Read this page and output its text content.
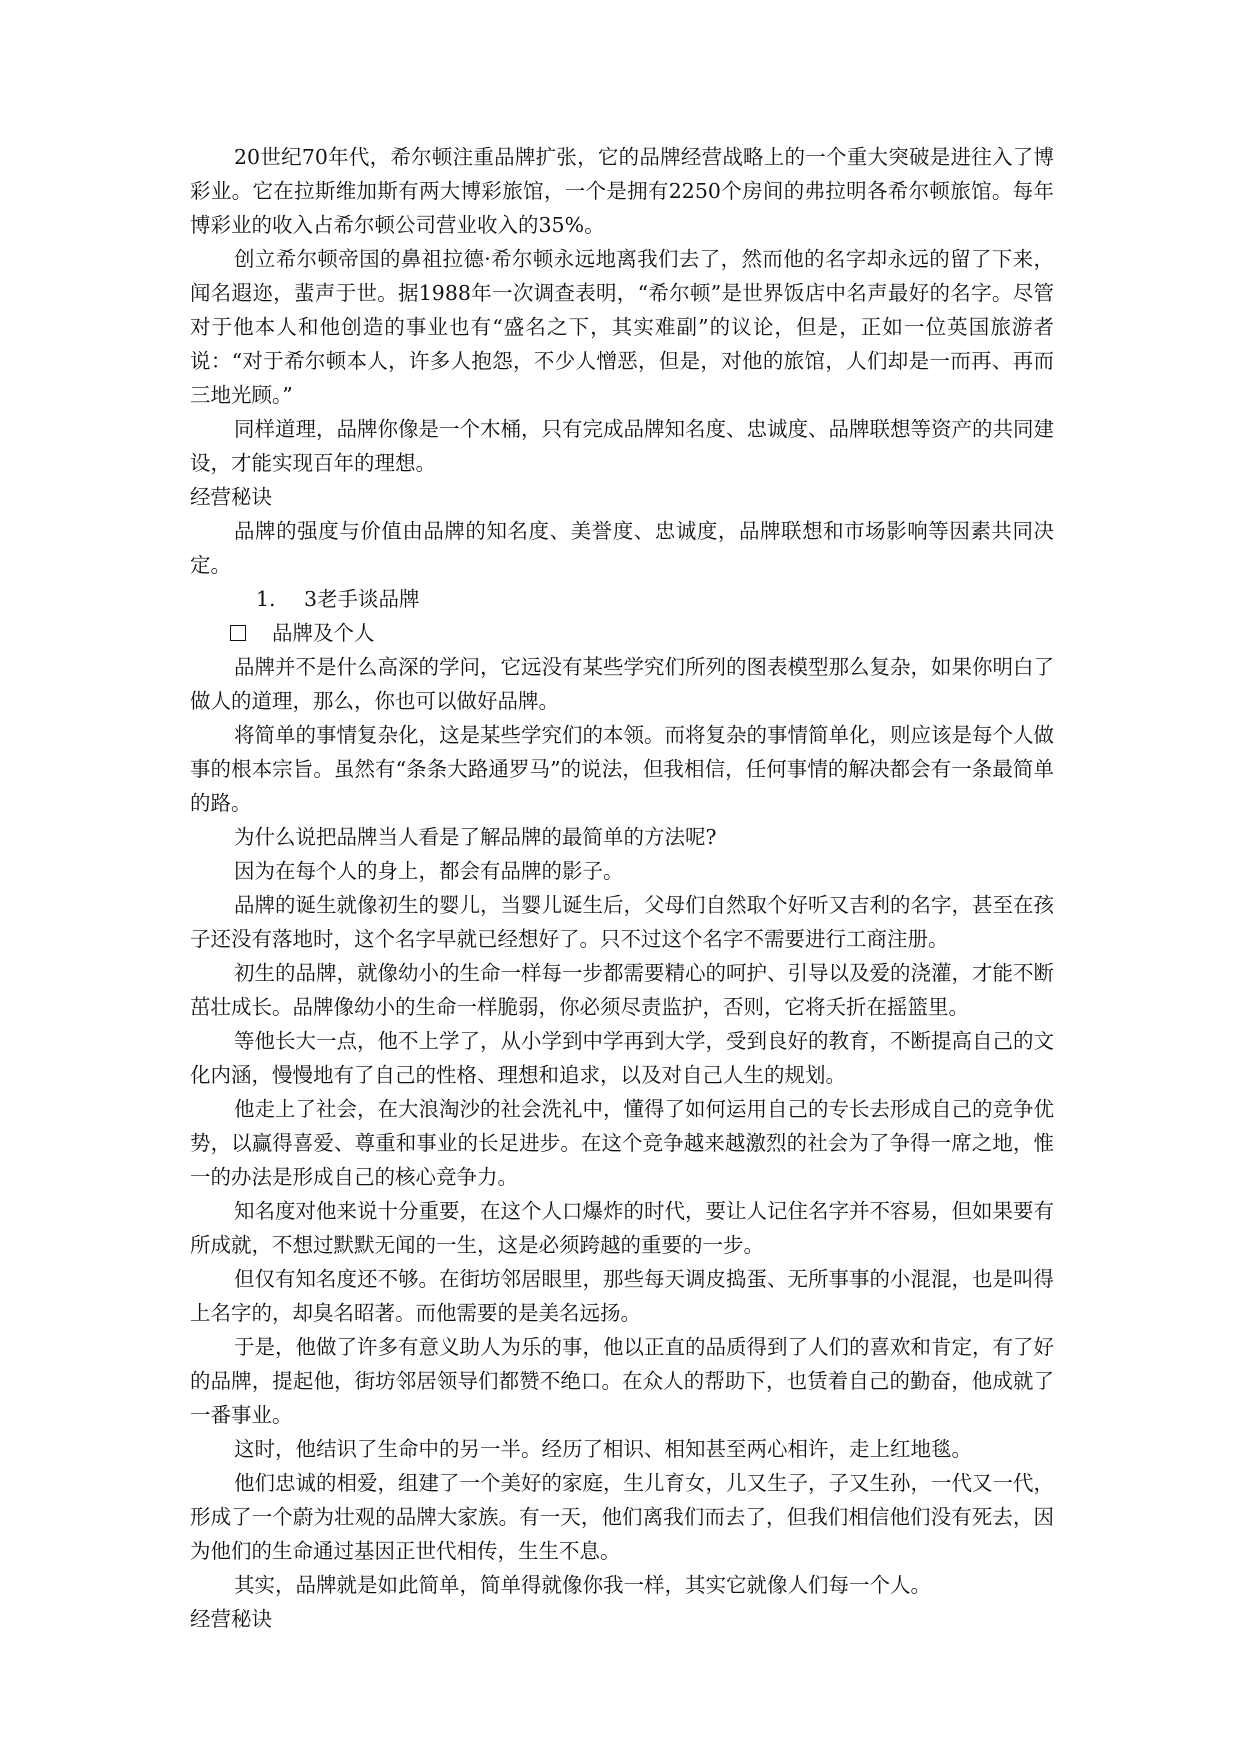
20世纪70年代，希尔顿注重品牌扩张，它的品牌经营战略上的一个重大突破是进往入了博彩业。它在拉斯维加斯有两大博彩旅馆，一个是拥有2250个房间的弗拉明各希尔顿旅馆。每年博彩业的收入占希尔顿公司营业收入的35%。

创立希尔顿帝国的鼻祖拉德·希尔顿永远地离我们去了，然而他的名字却永远的留了下来，闻名遐迩，蜚声于世。据1988年一次调查表明，“希尔顿”是世界饭店中名声最好的名字。尽管对于他本人和他创造的事业也有“盛名之下，其实难副”的议论，但是，正如一位英国旅游者说：“对于希尔顿本人，许多人抱怨，不少人憎恶，但是，对他的旅馆，人们却是一而再、再而三地光顾。”

同样道理，品牌你像是一个木桶，只有完成品牌知名度、忠诚度、品牌联想等资产的共同建设，才能实现百年的理想。

经营秘诀

品牌的强度与价值由品牌的知名度、美誉度、忠诚度，品牌联想和市场影响等因素共同决定。

1. 3老手谈品牌

品牌及个人

品牌并不是什么高深的学问，它远没有某些学究们所列的图表模型那么复杂，如果你明白了做人的道理，那么，你也可以做好品牌。

将简单的事情复杂化，这是某些学究们的本领。而将复杂的事情简单化，则应该是每个人做事的根本宗旨。虽然有“条条大路通罗马”的说法，但我相信，任何事情的解决都会有一条最简单的路。

为什么说把品牌当人看是了解品牌的最简单的方法呢?

因为在每个人的身上，都会有品牌的影子。

品牌的诞生就像初生的婴儿，当婴儿诞生后，父母们自然取个好听又吉利的名字，甚至在孩子还没有落地时，这个名字早就已经想好了。只不过这个名字不需要进行工商注册。

初生的品牌，就像幼小的生命一样每一步都需要精心的呵护、引导以及爱的浇灌，才能不断茁壮成长。品牌像幼小的生命一样脆弱，你必须尽责监护，否则，它将夭折在摇篮里。

等他长大一点，他不上学了，从小学到中学再到大学，受到良好的教育，不断提高自己的文化内涵，慢慢地有了自己的性格、理想和追求，以及对自己人生的规划。

他走上了社会，在大浪淘沙的社会洗礼中，懂得了如何运用自己的专长去形成自己的竞争优势，以赢得喜爱、尊重和事业的长足进步。在这个竞争越来越激烈的社会为了争得一席之地，惟一的办法是形成自己的核心竞争力。

知名度对他来说十分重要，在这个人口爆炸的时代，要让人记住名字并不容易，但如果要有所成就，不想过默默无闻的一生，这是必须跨越的重要的一步。

但仅有知名度还不够。在街坊邻居眼里，那些每天调皮捣蛋、无所事事的小混混，也是叫得上名字的，却臭名昭著。而他需要的是美名远扬。

于是，他做了许多有意义助人为乐的事，他以正直的品质得到了人们的喜欢和肯定，有了好的品牌，提起他，街坊邻居领导们都赞不绝口。在众人的帮助下，也赁着自己的勤奋，他成就了一番事业。

这时，他结识了生命中的另一半。经历了相识、相知甚至两心相许，走上红地毯。

他们忠诚的相爱，组建了一个美好的家庭，生儿育女，儿又生子，子又生孙，一代又一代，形成了一个蔚为壮观的品牌大家族。有一天，他们离我们而去了，但我们相信他们没有死去，因为他们的生命通过基因正世代相传，生生不息。

其实，品牌就是如此简单，简单得就像你我一样，其实它就像人们每一个人。

经营秘诀
